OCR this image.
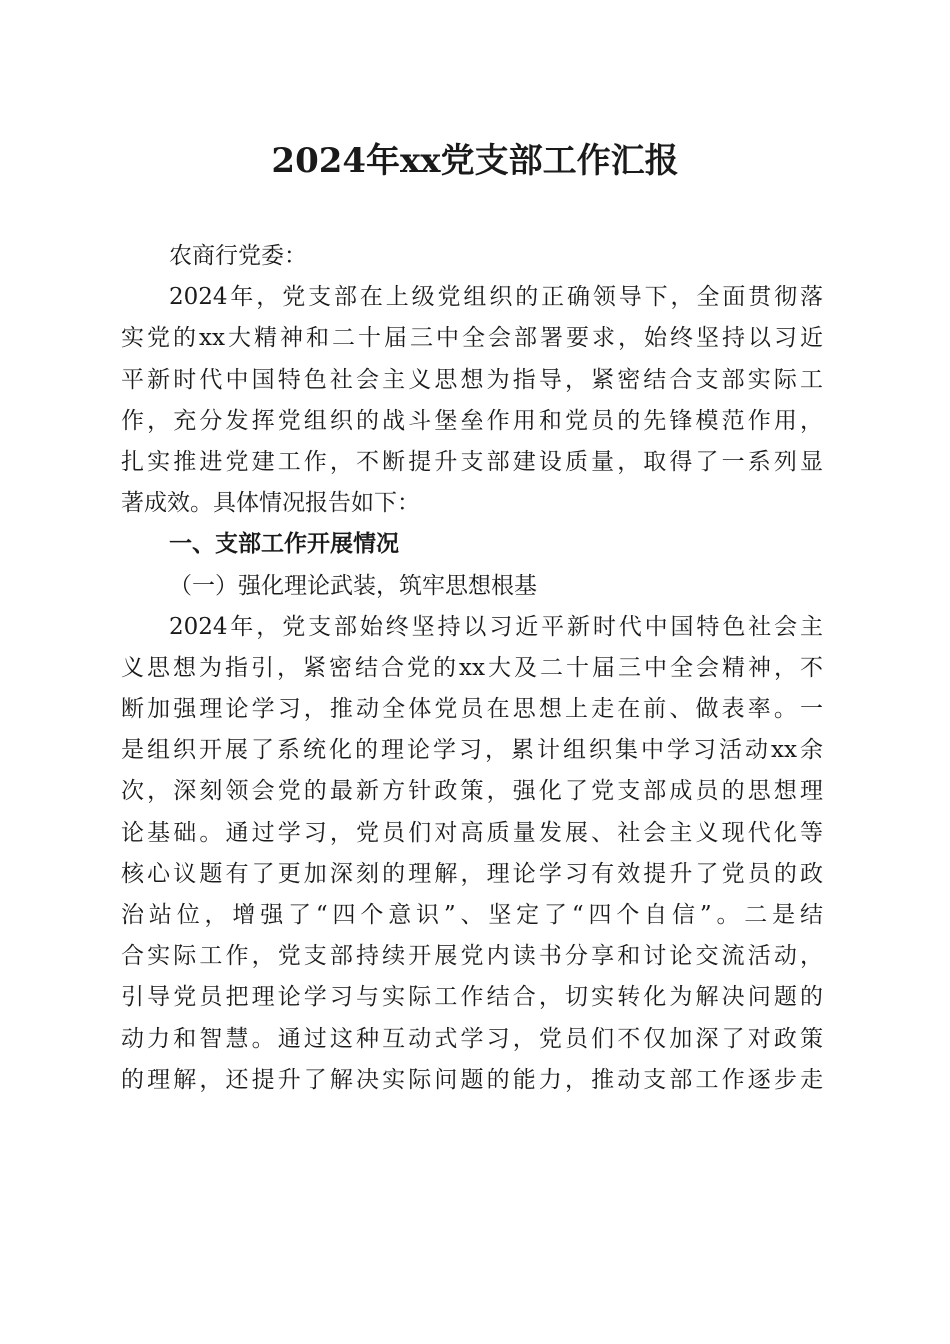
2024年xx党支部工作汇报
农商行党委：
2024年，党支部在上级党组织的正确领导下，全面贯彻落
实党的xx大精神和二十届三中全会部署要求，始终坚持以习近
平新时代中国特色社会主义思想为指导，紧密结合支部实际工
作，充分发挥党组织的战斗堡垒作用和党员的先锋模范作用，
扎实推进党建工作，不断提升支部建设质量，取得了一系列显
著成效。具体情况报告如下：
一、支部工作开展情况
（一）强化理论武装，筑牢思想根基
2024年，党支部始终坚持以习近平新时代中国特色社会主
义思想为指引，紧密结合党的xx大及二十届三中全会精神，不
断加强理论学习，推动全体党员在思想上走在前、做表率。一
是组织开展了系统化的理论学习，累计组织集中学习活动xx余
次，深刻领会党的最新方针政策，强化了党支部成员的思想理
论基础。通过学习，党员们对高质量发展、社会主义现代化等
核心议题有了更加深刻的理解，理论学习有效提升了党员的政
治站位，增强了“四个意识”、坚定了“四个自信”。二是结
合实际工作，党支部持续开展党内读书分享和讨论交流活动，
引导党员把理论学习与实际工作结合，切实转化为解决问题的
动力和智慧。通过这种互动式学习，党员们不仅加深了对政策
的理解，还提升了解决实际问题的能力，推动支部工作逐步走
